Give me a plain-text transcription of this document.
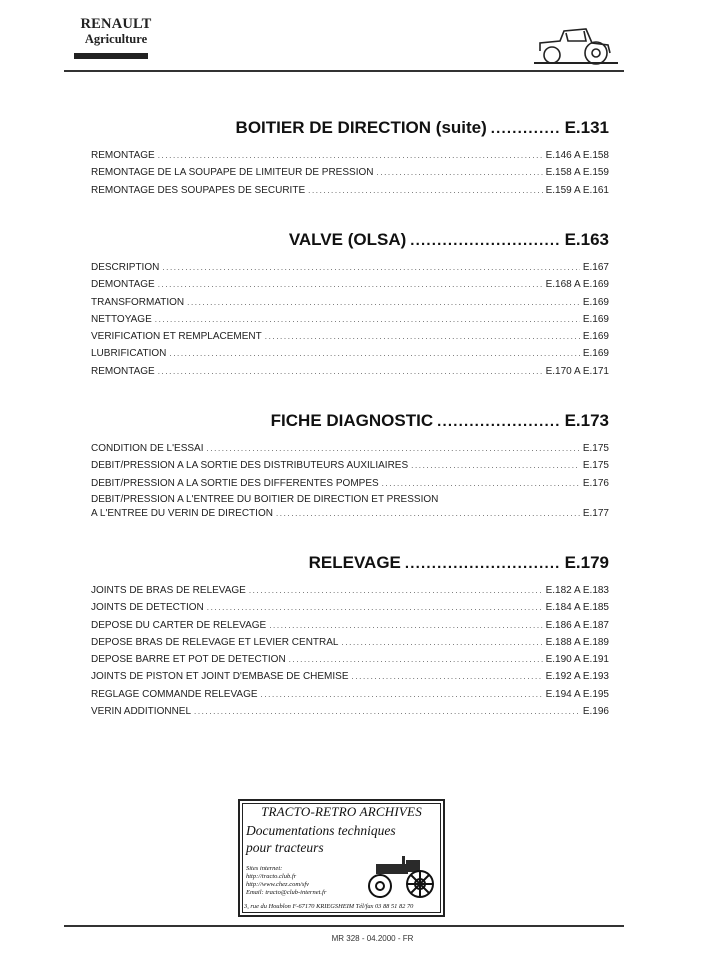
RENAULT
Agriculture
BOITIER DE DIRECTION (suite) ............. E.131
REMONTAGE .....	E.146 A E.158
REMONTAGE DE LA SOUPAPE DE LIMITEUR DE PRESSION .....	E.158 A E.159
REMONTAGE DES SOUPAPES DE SECURITE .....	E.159 A E.161
VALVE (OLSA) ............................ E.163
DESCRIPTION .....	E.167
DEMONTAGE .....	E.168 A E.169
TRANSFORMATION .....	E.169
NETTOYAGE .....	E.169
VERIFICATION ET REMPLACEMENT .....	E.169
LUBRIFICATION .....	E.169
REMONTAGE .....	E.170 A E.171
FICHE DIAGNOSTIC ....................... E.173
CONDITION DE L'ESSAI .....	E.175
DEBIT/PRESSION A LA SORTIE DES DISTRIBUTEURS AUXILIAIRES .....	E.175
DEBIT/PRESSION A LA SORTIE DES DIFFERENTES POMPES .....	E.176
DEBIT/PRESSION A L'ENTREE DU BOITIER DE DIRECTION ET PRESSION
A L'ENTREE DU VERIN DE DIRECTION .....	E.177
RELEVAGE ............................. E.179
JOINTS DE BRAS DE RELEVAGE .....	E.182 A E.183
JOINTS DE DETECTION .....	E.184 A E.185
DEPOSE DU CARTER DE RELEVAGE .....	E.186 A E.187
DEPOSE BRAS DE RELEVAGE ET LEVIER CENTRAL .....	E.188 A E.189
DEPOSE BARRE ET POT DE DETECTION .....	E.190 A E.191
JOINTS DE PISTON ET JOINT D'EMBASE DE CHEMISE .....	E.192 A E.193
REGLAGE COMMANDE RELEVAGE .....	E.194 A E.195
VERIN ADDITIONNEL .....	E.196
TRACTO-RETRO ARCHIVES
Documentations techniques
pour tracteurs
Sites internet:
http://tracto.club.fr
http://www.chez.com/sfv
Email: tracto@club-internet.fr
3, rue du Houblon F-67170 KRIEGSHEIM Tél/fax 03 88 51 82 70
MR 328 - 04.2000 - FR
